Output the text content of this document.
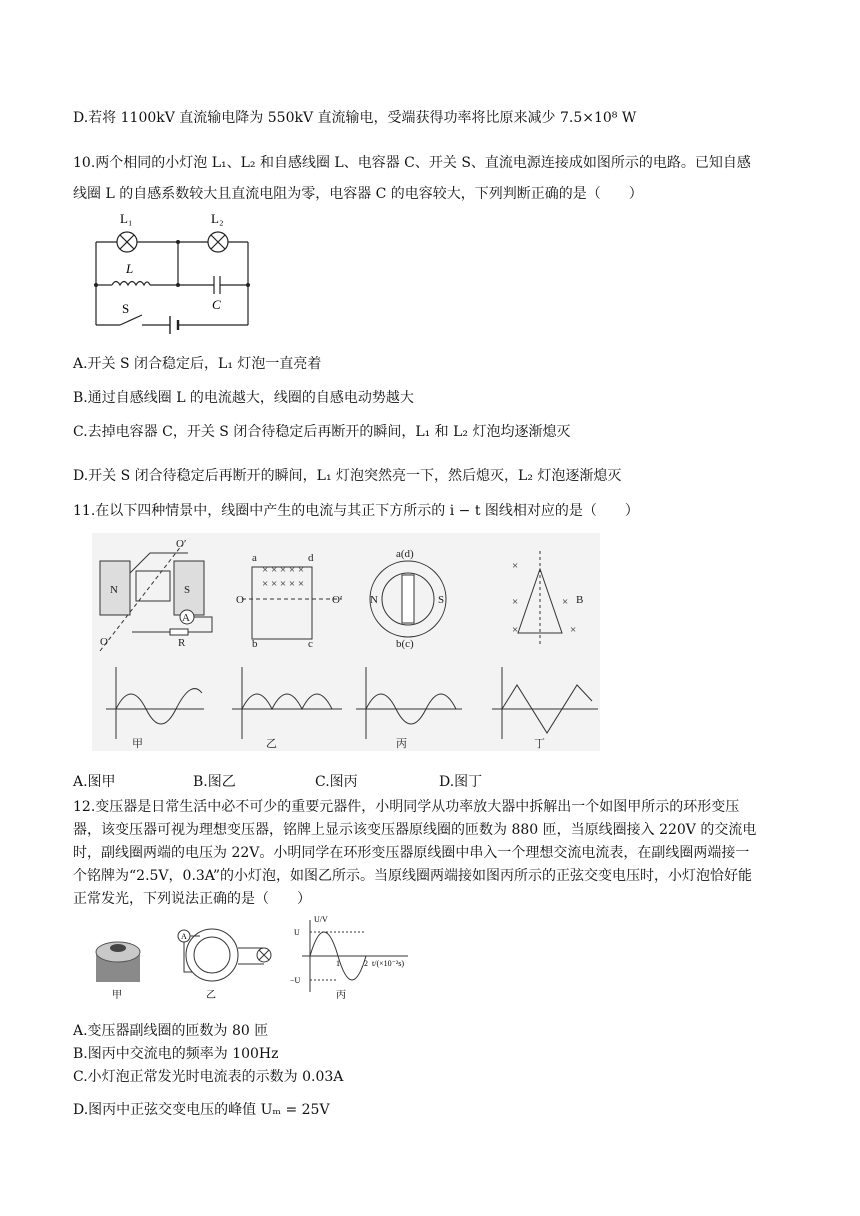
D.若将 1100kV 直流输电降为 550kV 直流输电，受端获得功率将比原来减少 7.5×10⁸ W
10.两个相同的小灯泡 L₁、L₂ 和自感线圈 L、电容器 C、开关 S、直流电源连接成如图所示的电路。已知自感
线圈 L 的自感系数较大且直流电阻为零，电容器 C 的电容较大，下列判断正确的是（　　）
L₁	L₂
L
C
S
A.开关 S 闭合稳定后，L₁ 灯泡一直亮着
B.通过自感线圈 L 的电流越大，线圈的自感电动势越大
C.去掉电容器 C，开关 S 闭合待稳定后再断开的瞬间，L₁ 和 L₂ 灯泡均逐渐熄灭
D.开关 S 闭合待稳定后再断开的瞬间，L₁ 灯泡突然亮一下，然后熄灭，L₂ 灯泡逐渐熄灭
11.在以下四种情景中，线圈中产生的电流与其正下方所示的 i − t 图线相对应的是（　　）
N	S
A
R
O
O′
a	d
O	O′
b	c
N	S
a(d)
b(c)
B
× × × × ×
× × × × ×
×
×
×
×
×
甲	乙	丙	丁
A.图甲	B.图乙	C.图丙	D.图丁
12.变压器是日常生活中必不可少的重要元器件，小明同学从功率放大器中拆解出一个如图甲所示的环形变压
器，该变压器可视为理想变压器，铭牌上显示该变压器原线圈的匝数为 880 匝，当原线圈接入 220V 的交流电
时，副线圈两端的电压为 22V。小明同学在环形变压器原线圈中串入一个理想交流电流表，在副线圈两端接一
个铭牌为“2.5V，0.3A”的小灯泡，如图乙所示。当原线圈两端接如图丙所示的正弦交变电压时，小灯泡恰好能
正常发光，下列说法正确的是（　　）
甲
A
乙
U/V
U
−U
1	2 t/(×10⁻²s)
丙
A.变压器副线圈的匝数为 80 匝
B.图丙中交流电的频率为 100Hz
C.小灯泡正常发光时电流表的示数为 0.03A
D.图丙中正弦交变电压的峰值 Uₘ = 25V
